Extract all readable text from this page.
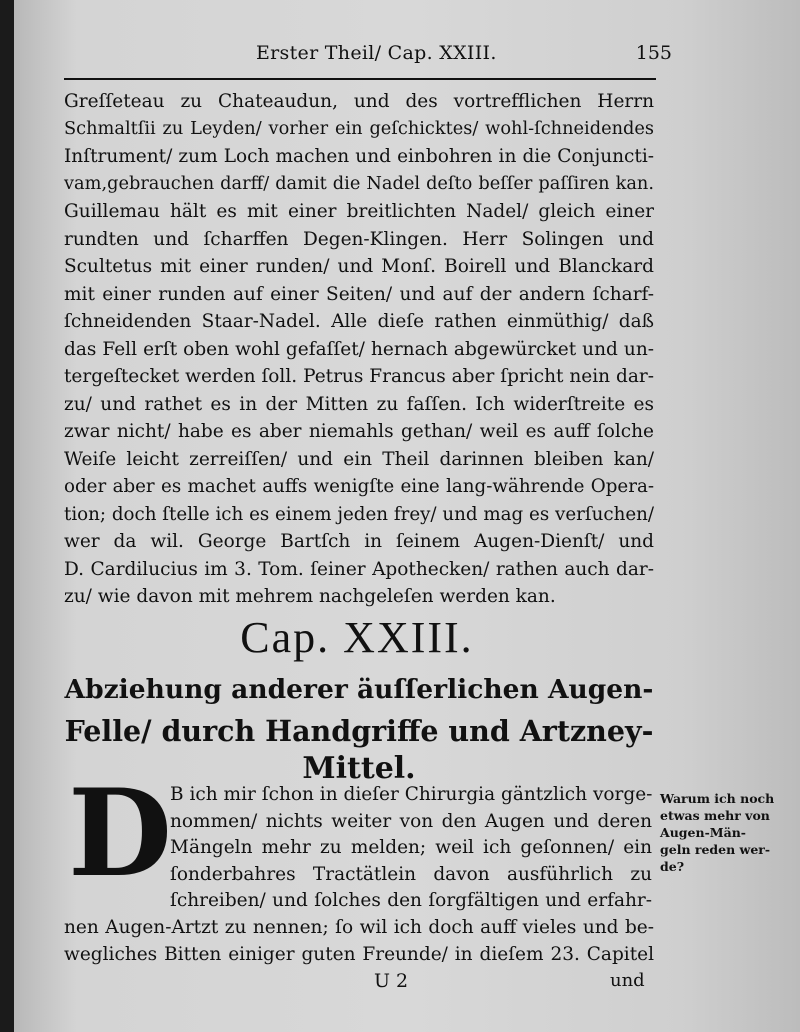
Erster Theil/ Cap. XXIII.	155
Greſſeteau zu Chateaudun, und des vortrefflichen Herrn
Schmaltſii zu Leyden/ vorher ein geſchicktes/ wohl-ſchneidendes
Inſtrument/ zum Loch machen und einbohren in die Conjuncti-
vam,gebrauchen darff/ damit die Nadel deſto beſſer paſſiren kan.
Guillemau hält es mit einer breitlichten Nadel/ gleich einer
rundten und ſcharffen Degen-Klingen. Herr Solingen und
Scultetus mit einer runden/ und Monſ. Boirell und Blanckard
mit einer runden auf einer Seiten/ und auf der andern ſcharf-
ſchneidenden Staar-Nadel. Alle dieſe rathen einmüthig/ daß
das Fell erſt oben wohl gefaſſet/ hernach abgewürcket und un-
tergeſtecket werden ſoll. Petrus Francus aber ſpricht nein dar-
zu/ und rathet es in der Mitten zu faſſen. Ich widerſtreite es
zwar nicht/ habe es aber niemahls gethan/ weil es auff ſolche
Weiſe leicht zerreiſſen/ und ein Theil darinnen bleiben kan/
oder aber es machet auffs wenigſte eine lang-währende Opera-
tion; doch ſtelle ich es einem jeden frey/ und mag es verſuchen/
wer da wil. George Bartſch in ſeinem Augen-Dienſt/ und
D. Cardilucius im 3. Tom. ſeiner Apothecken/ rathen auch dar-
zu/ wie davon mit mehrem nachgeleſen werden kan.
Cap. XXIII.
Abziehung anderer äuſſerlichen Augen-
Felle/ durch Handgriffe und Artzney-
Mittel.
D
B ich mir ſchon in dieſer Chirurgia gäntzlich vorge-
nommen/ nichts weiter von den Augen und deren
Mängeln mehr zu melden; weil ich geſonnen/ ein
ſonderbahres Tractätlein davon ausführlich zu
ſchreiben/ und ſolches den ſorgfältigen und erfahr-
nen Augen-Artzt zu nennen; ſo wil ich doch auff vieles und be-
wegliches Bitten einiger guten Freunde/ in dieſem 23. Capitel
U 2	und
Warum ich noch
etwas mehr von
Augen-Män-
geln reden wer-
de?
